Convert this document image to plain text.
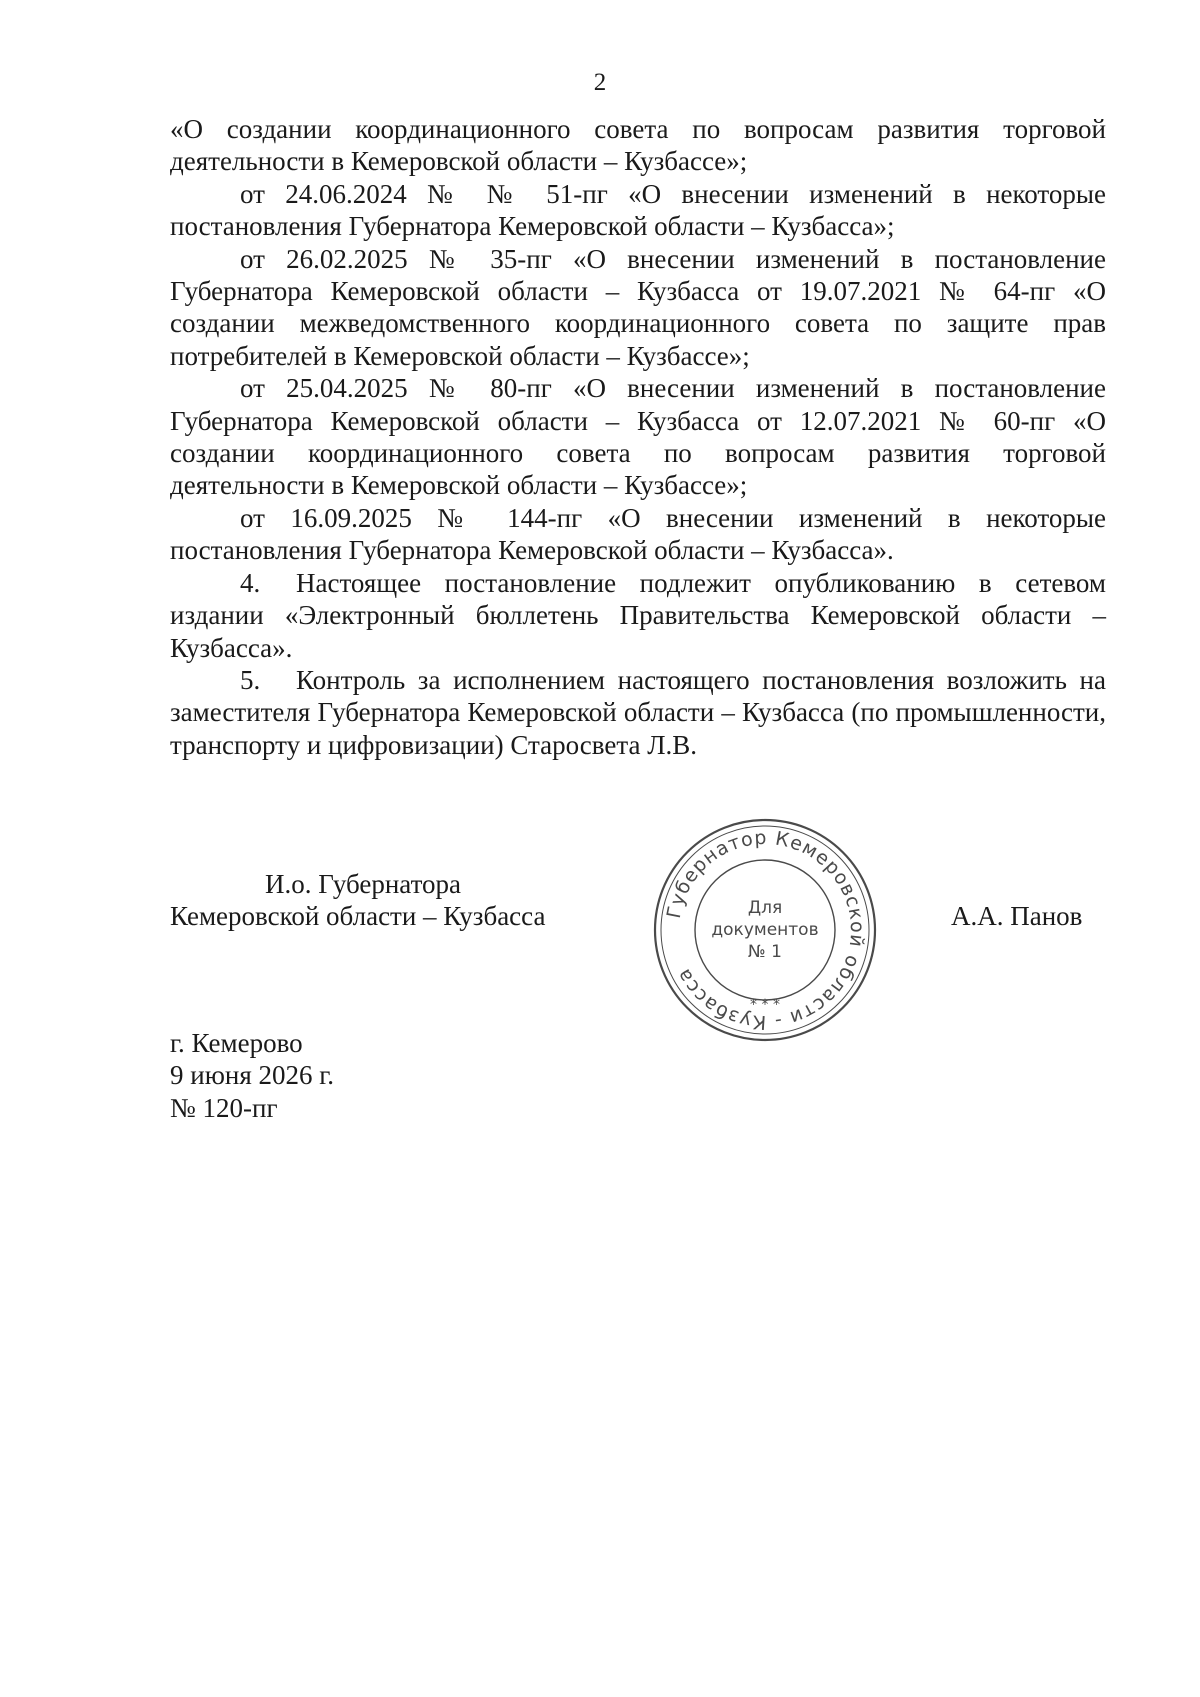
2

«О создании координационного совета по вопросам развития торговой деятельности в Кемеровской области – Кузбассе»;

от 24.06.2024 № № 51-пг «О внесении изменений в некоторые постановления Губернатора Кемеровской области – Кузбасса»;

от 26.02.2025 № 35-пг «О внесении изменений в постановление Губернатора Кемеровской области – Кузбасса от 19.07.2021 № 64-пг «О создании межведомственного координационного совета по защите прав потребителей в Кемеровской области – Кузбассе»;

от 25.04.2025 № 80-пг «О внесении изменений в постановление Губернатора Кемеровской области – Кузбасса от 12.07.2021 № 60-пг «О создании координационного совета по вопросам развития торговой деятельности в Кемеровской области – Кузбассе»;

от 16.09.2025 № 144-пг «О внесении изменений в некоторые постановления Губернатора Кемеровской области – Кузбасса».

4. Настоящее постановление подлежит опубликованию в сетевом издании «Электронный бюллетень Правительства Кемеровской области – Кузбасса».

5. Контроль за исполнением настоящего постановления возложить на заместителя Губернатора Кемеровской области – Кузбасса (по промышленности, транспорту и цифровизации) Старосвета Л.В.

И.о. Губернатора
Кемеровской области – Кузбасса	Губернатор Кемеровской области - Кузбасса
Для
документов
№ 1
* * *
А.А. Панов
г. Кемерово
9 июня 2026 г.
№ 120-пг
